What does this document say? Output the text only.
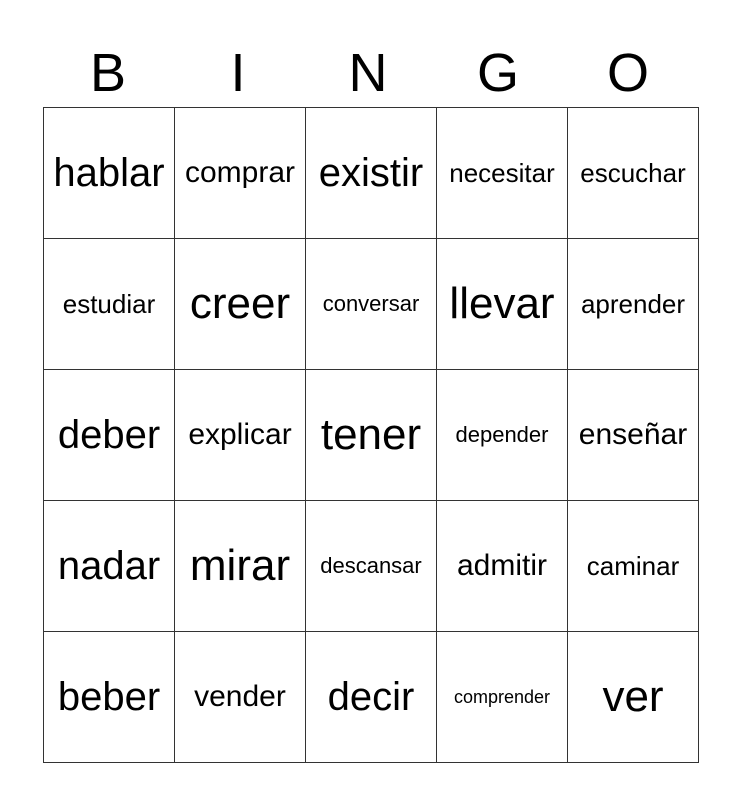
B	I	N	G	O
hablar	comprar	existir	necesitar	escuchar
estudiar	creer	conversar	llevar	aprender
deber	explicar	tener	depender	enseñar
nadar	mirar	descansar	admitir	caminar
beber	vender	decir	comprender	ver
